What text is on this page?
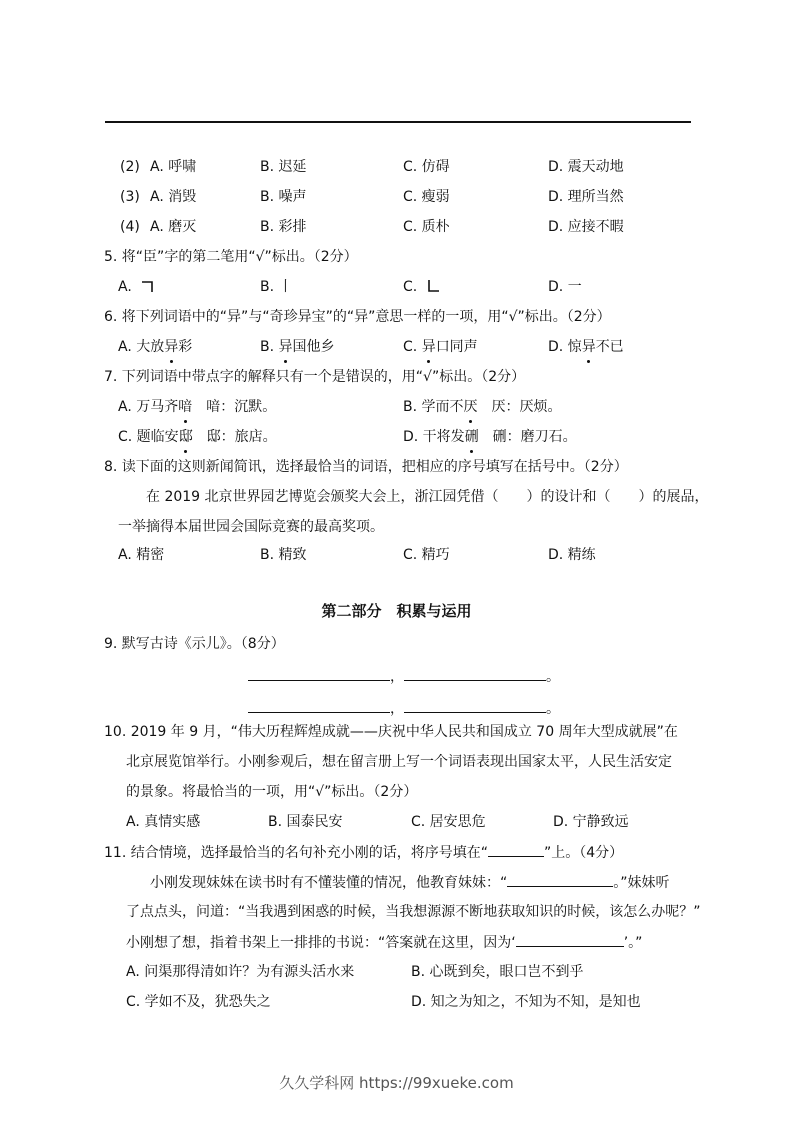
(2) A. 呼啸	B. 迟延	C. 仿碍	D. 震天动地
(3) A. 消毁	B. 噪声	C. 瘦弱	D. 理所当然
(4) A. 磨灭	B. 彩排	C. 质朴	D. 应接不暇
5. 将“臣”字的第二笔用“√”标出。（2分）
A.	B. 丨	C.	D. 一
6. 将下列词语中的“异”与“奇珍异宝”的“异”意思一样的一项，用“√”标出。（2分）
A. 大放异彩	B. 异国他乡	C. 异口同声	D. 惊异不已
7. 下列词语中带点字的解释只有一个是错误的，用“√”标出。（2分）
A. 万马齐喑　喑：沉默。	B. 学而不厌　厌：厌烦。
C. 题临安邸　邸：旅店。	D. 干将发硎　硎：磨刀石。
8. 读下面的这则新闻简讯，选择最恰当的词语，把相应的序号填写在括号中。（2分）
在 2019 北京世界园艺博览会颁奖大会上，浙江园凭借（　　）的设计和（　　）的展品，
一举摘得本届世园会国际竞赛的最高奖项。
A. 精密	B. 精致	C. 精巧	D. 精练
第二部分　积累与运用
9. 默写古诗《示儿》。（8分）
，	。
，	。
10. 2019 年 9 月，“伟大历程辉煌成就——庆祝中华人民共和国成立 70 周年大型成就展”在
北京展览馆举行。小刚参观后，想在留言册上写一个词语表现出国家太平，人民生活安定
的景象。将最恰当的一项，用“√”标出。（2分）
A. 真情实感	B. 国泰民安	C. 居安思危	D. 宁静致远
11. 结合情境，选择最恰当的名句补充小刚的话，将序号填在“	”上。（4分）
小刚发现妹妹在读书时有不懂装懂的情况，他教育妹妹：“	。”妹妹听
了点点头，问道：“当我遇到困惑的时候，当我想源源不断地获取知识的时候，该怎么办呢？”
小刚想了想，指着书架上一排排的书说：“答案就在这里，因为‘	’。”
A. 问渠那得清如许？为有源头活水来	B. 心既到矣，眼口岂不到乎
C. 学如不及，犹恐失之	D. 知之为知之，不知为不知，是知也
久久学科网 https://99xueke.com
